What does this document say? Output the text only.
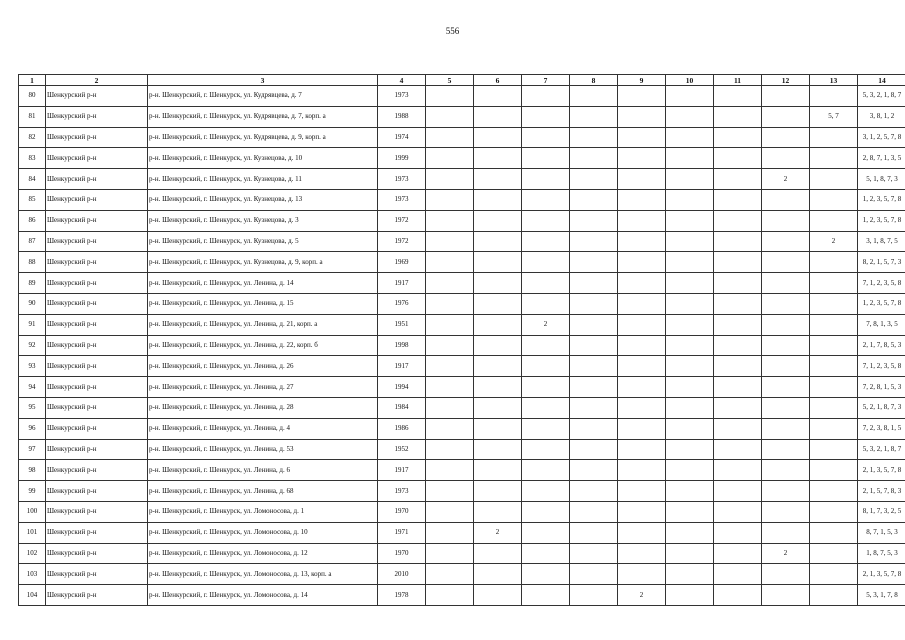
556
1	2	3	4	5	6	7	8	9	10	11	12	13	14
80	Шенкурский р-н	р-н. Шенкурский, г. Шенкурск, ул. Кудрявцева, д. 7	1973										5, 3, 2, 1, 8, 7
81	Шенкурский р-н	р-н. Шенкурский, г. Шенкурск, ул. Кудрявцева, д. 7, корп. а	1988									5, 7	3, 8, 1, 2
82	Шенкурский р-н	р-н. Шенкурский, г. Шенкурск, ул. Кудрявцева, д. 9, корп. а	1974										3, 1, 2, 5, 7, 8
83	Шенкурский р-н	р-н. Шенкурский, г. Шенкурск, ул. Кузнецова, д. 10	1999										2, 8, 7, 1, 3, 5
84	Шенкурский р-н	р-н. Шенкурский, г. Шенкурск, ул. Кузнецова, д. 11	1973								2		5, 1, 8, 7, 3
85	Шенкурский р-н	р-н. Шенкурский, г. Шенкурск, ул. Кузнецова, д. 13	1973										1, 2, 3, 5, 7, 8
86	Шенкурский р-н	р-н. Шенкурский, г. Шенкурск, ул. Кузнецова, д. 3	1972										1, 2, 3, 5, 7, 8
87	Шенкурский р-н	р-н. Шенкурский, г. Шенкурск, ул. Кузнецова, д. 5	1972									2	3, 1, 8, 7, 5
88	Шенкурский р-н	р-н. Шенкурский, г. Шенкурск, ул. Кузнецова, д. 9, корп. а	1969										8, 2, 1, 5, 7, 3
89	Шенкурский р-н	р-н. Шенкурский, г. Шенкурск, ул. Ленина, д. 14	1917										7, 1, 2, 3, 5, 8
90	Шенкурский р-н	р-н. Шенкурский, г. Шенкурск, ул. Ленина, д. 15	1976										1, 2, 3, 5, 7, 8
91	Шенкурский р-н	р-н. Шенкурский, г. Шенкурск, ул. Ленина, д. 21, корп. а	1951			2							7, 8, 1, 3, 5
92	Шенкурский р-н	р-н. Шенкурский, г. Шенкурск, ул. Ленина, д. 22, корп. б	1998										2, 1, 7, 8, 5, 3
93	Шенкурский р-н	р-н. Шенкурский, г. Шенкурск, ул. Ленина, д. 26	1917										7, 1, 2, 3, 5, 8
94	Шенкурский р-н	р-н. Шенкурский, г. Шенкурск, ул. Ленина, д. 27	1994										7, 2, 8, 1, 5, 3
95	Шенкурский р-н	р-н. Шенкурский, г. Шенкурск, ул. Ленина, д. 28	1984										5, 2, 1, 8, 7, 3
96	Шенкурский р-н	р-н. Шенкурский, г. Шенкурск, ул. Ленина, д. 4	1986										7, 2, 3, 8, 1, 5
97	Шенкурский р-н	р-н. Шенкурский, г. Шенкурск, ул. Ленина, д. 53	1952										5, 3, 2, 1, 8, 7
98	Шенкурский р-н	р-н. Шенкурский, г. Шенкурск, ул. Ленина, д. 6	1917										2, 1, 3, 5, 7, 8
99	Шенкурский р-н	р-н. Шенкурский, г. Шенкурск, ул. Ленина, д. 68	1973										2, 1, 5, 7, 8, 3
100	Шенкурский р-н	р-н. Шенкурский, г. Шенкурск, ул. Ломоносова, д. 1	1970										8, 1, 7, 3, 2, 5
101	Шенкурский р-н	р-н. Шенкурский, г. Шенкурск, ул. Ломоносова, д. 10	1971		2								8, 7, 1, 5, 3
102	Шенкурский р-н	р-н. Шенкурский, г. Шенкурск, ул. Ломоносова, д. 12	1970								2		1, 8, 7, 5, 3
103	Шенкурский р-н	р-н. Шенкурский, г. Шенкурск, ул. Ломоносова, д. 13, корп. а	2010										2, 1, 3, 5, 7, 8
104	Шенкурский р-н	р-н. Шенкурский, г. Шенкурск, ул. Ломоносова, д. 14	1978					2					5, 3, 1, 7, 8
